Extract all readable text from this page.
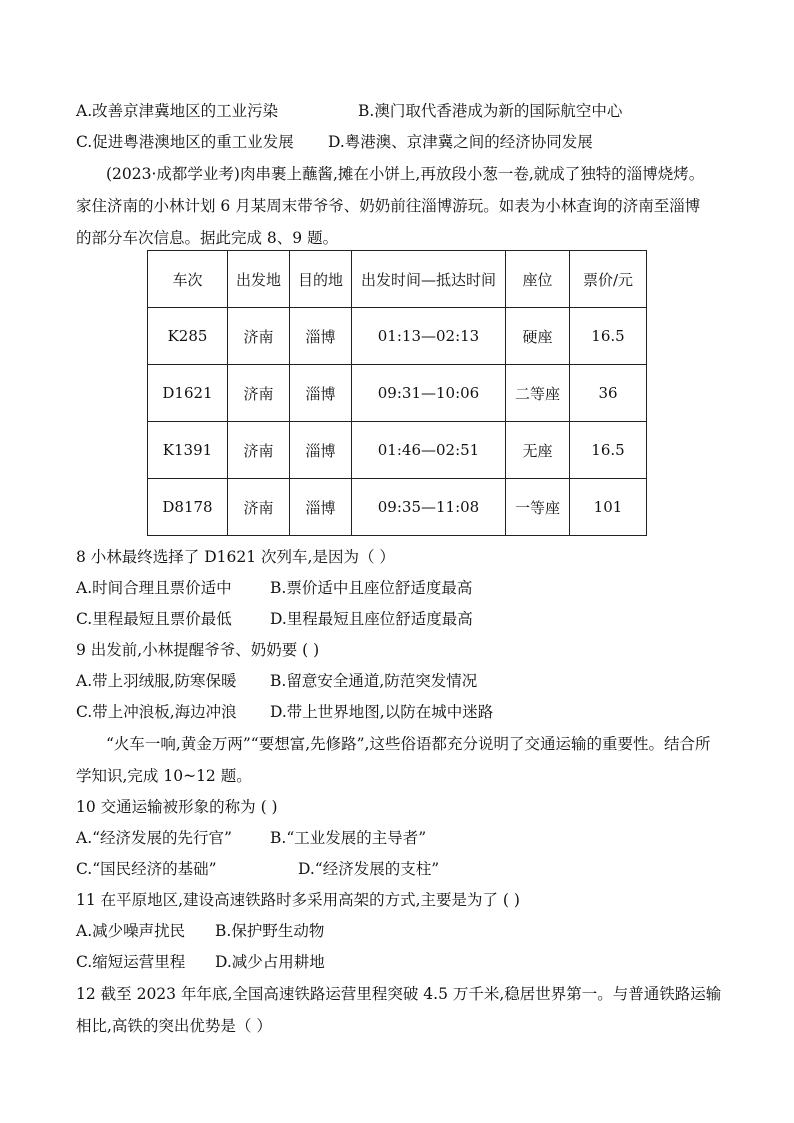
A.改善京津冀地区的工业污染	B.澳门取代香港成为新的国际航空中心
C.促进粤港澳地区的重工业发展 D.粤港澳、京津冀之间的经济协同发展
(2023·成都学业考)肉串裹上蘸酱,摊在小饼上,再放段小葱一卷,就成了独特的淄博烧烤。
家住济南的小林计划 6 月某周末带爷爷、奶奶前往淄博游玩。如表为小林查询的济南至淄博
的部分车次信息。据此完成 8、9 题。
车次	出发地	目的地	出发时间—抵达时间	座位	票价/元
K285	济南	淄博	01:13—02:13	硬座	16.5
D1621	济南	淄博	09:31—10:06	二等座	36
K1391	济南	淄博	01:46—02:51	无座	16.5
D8178	济南	淄博	09:35—11:08	一等座	101
8 小林最终选择了 D1621 次列车,是因为（ ）
A.时间合理且票价适中 B.票价适中且座位舒适度最高
C.里程最短且票价最低 D.里程最短且座位舒适度最高
9 出发前,小林提醒爷爷、奶奶要 ( )
A.带上羽绒服,防寒保暖 B.留意安全通道,防范突发情况
C.带上冲浪板,海边冲浪 D.带上世界地图,以防在城中迷路
“火车一响,黄金万两”“要想富,先修路”,这些俗语都充分说明了交通运输的重要性。结合所
学知识,完成 10~12 题。
10 交通运输被形象的称为 ( )
A.“经济发展的先行官” B.“工业发展的主导者”
C.“国民经济的基础”	D.“经济发展的支柱”
11 在平原地区,建设高速铁路时多采用高架的方式,主要是为了 ( )
A.减少噪声扰民 B.保护野生动物
C.缩短运营里程 D.减少占用耕地
12 截至 2023 年年底,全国高速铁路运营里程突破 4.5 万千米,稳居世界第一。与普通铁路运输
相比,高铁的突出优势是（ ）
